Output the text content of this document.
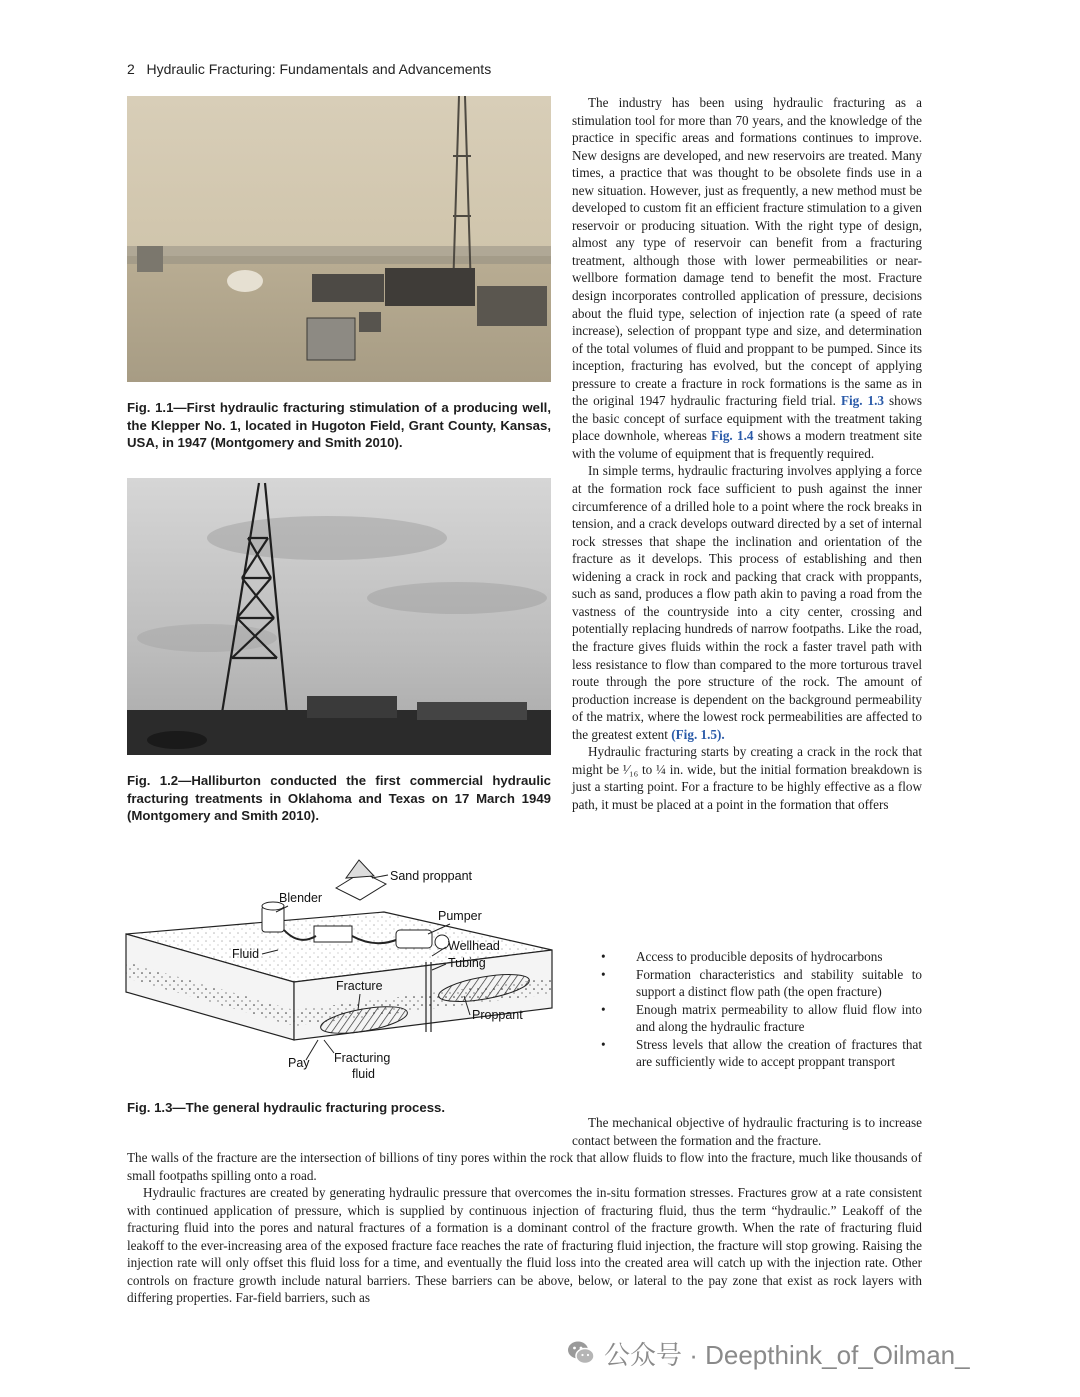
2 Hydraulic Fracturing: Fundamentals and Advancements
Fig. 1.1—First hydraulic fracturing stimulation of a producing well, the Klepper No. 1, located in Hugoton Field, Grant County, Kansas, USA, in 1947 (Montgomery and Smith 2010).
Fig. 1.2—Halliburton conducted the first commercial hydraulic fracturing treatments in Oklahoma and Texas on 17 March 1949 (Montgomery and Smith 2010).
Sand proppant
Blender
Pumper
Fluid
Wellhead
Tubing
Fracture
Proppant
Pay Fracturing
fluid
Fig. 1.3—The general hydraulic fracturing process.

The industry has been using hydraulic fracturing as a stimulation tool for more than 70 years, and the knowledge of the practice in specific areas and formations continues to improve. New designs are developed, and new reservoirs are treated. Many times, a practice that was thought to be obsolete finds use in a new situation. However, just as frequently, a new method must be developed to custom fit an efficient fracture stimulation to a given reservoir or producing situation. With the right type of design, almost any type of reservoir can benefit from a fracturing treatment, although those with lower permeabilities or near-wellbore formation damage tend to benefit the most. Fracture design incorporates controlled application of pressure, decisions about the fluid type, selection of injection rate (a speed of rate increase), selection of proppant type and size, and determination of the total volumes of fluid and proppant to be pumped. Since its inception, fracturing has evolved, but the concept of applying pressure to create a fracture in rock formations is the same as in the original 1947 hydraulic fracturing field trial. Fig. 1.3 shows the basic concept of surface equipment with the treatment taking place downhole, whereas Fig. 1.4 shows a modern treatment site with the volume of equipment that is frequently required.

In simple terms, hydraulic fracturing involves applying a force at the formation rock face sufficient to push against the inner circumference of a drilled hole to a point where the rock breaks in tension, and a crack develops outward directed by a set of internal rock stresses that shape the inclination and orientation of the fracture as it develops. This process of establishing and then widening a crack in rock and packing that crack with proppants, such as sand, produces a flow path akin to paving a road from the vastness of the countryside into a city center, crossing and potentially replacing hundreds of narrow footpaths. Like the road, the fracture gives fluids within the rock a faster travel path with less resistance to flow than compared to the more torturous travel route through the pore structure of the rock. The amount of production increase is dependent on the background permeability of the matrix, where the lowest rock permeabilities are affected to the greatest extent (Fig. 1.5).

Hydraulic fracturing starts by creating a crack in the rock that might be ¹⁄₁₆ to ¼ in. wide, but the initial formation breakdown is just a starting point. For a fracture to be highly effective as a flow path, it must be placed at a point in the formation that offers

• Access to producible deposits of hydrocarbons
• Formation characteristics and stability suitable to support a distinct flow path (the open fracture)
• Enough matrix permeability to allow fluid flow into and along the hydraulic fracture
• Stress levels that allow the creation of fractures that are sufficiently wide to accept proppant transport

The mechanical objective of hydraulic fracturing is to increase contact between the formation and the fracture.

The walls of the fracture are the intersection of billions of tiny pores within the rock that allow fluids to flow into the fracture, much like thousands of small footpaths spilling onto a road.

Hydraulic fractures are created by generating hydraulic pressure that overcomes the in-situ formation stresses. Fractures grow at a rate consistent with continued application of pressure, which is supplied by continuous injection of fracturing fluid, thus the term “hydraulic.” Leakoff of the fracturing fluid into the pores and natural fractures of a formation is a dominant control of the fracture growth. When the rate of fracturing fluid leakoff to the ever-increasing area of the exposed fracture face reaches the rate of fracturing fluid injection, the fracture will stop growing. Raising the injection rate will only offset this fluid loss for a time, and eventually the fluid loss into the created area will catch up with the injection rate. Other controls on fracture growth include natural barriers. These barriers can be above, below, or lateral to the pay zone that exist as rock layers with differing properties. Far-field barriers, such as

公众号 · Deepthink_of_Oilman_
